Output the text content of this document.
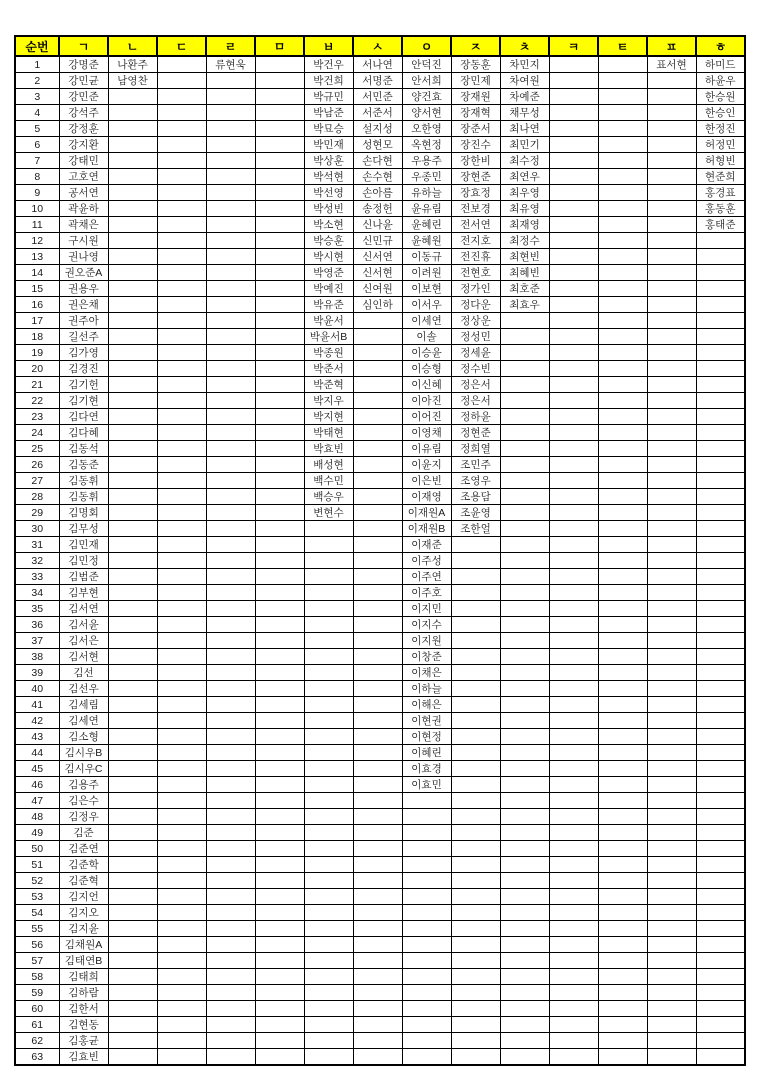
순번	ㄱ	ㄴ	ㄷ	ㄹ	ㅁ	ㅂ	ㅅ	ㅇ	ㅈ	ㅊ	ㅋ	ㅌ	ㅍ	ㅎ
1	강명준	나환주		류현욱		박건우	서나연	안덕진	장동훈	차민지			표서현	하미드
2	강민균	남영찬				박건희	서명준	안서희	장민제	차여원				하윤우
3	강민준					박규민	서민준	양건효	장재원	차예준				한승원
4	강석주					박남준	서준서	양서현	장재혁	채무성				한승인
5	강정훈					박묘승	설지성	오한영	장준서	최나연				한정진
6	강지환					박민재	성현모	옥현정	장진수	최민기				허정민
7	강태민					박상훈	손다현	우용주	장한비	최수정				허형빈
8	고호연					박석현	손수현	우종민	장현준	최연우				현준희
9	공서연					박선영	손아름	유하늘	장효정	최우영				홍경표
10	곽윤하					박성빈	송정헌	윤유림	전보경	최유영				홍동훈
11	곽채은					박소현	신나윤	윤혜린	전서연	최재영				홍태준
12	구시원					박승훈	신민규	윤혜원	전지호	최정수				
13	권나영					박시현	신서연	이동규	전진휴	최현빈				
14	권오준A					박영준	신서현	이려원	전현호	최혜빈				
15	권용우					박예진	신여원	이보현	정가인	최호준				
16	권은채					박유준	심인하	이서우	정다운	최효우				
17	권주아					박윤서		이세연	정상운					
18	길선주					박윤서B		이솔	정성민					
19	김가영					박종원		이승윤	정세윤					
20	김경진					박준서		이승형	정수빈					
21	김기헌					박준혁		이신혜	정은서					
22	김기현					박지우		이아진	정은서					
23	김다연					박지현		이어진	정하윤					
24	김다혜					박태현		이영채	정현준					
25	김동석					박효빈		이유림	정희열					
26	김동준					배성현		이윤지	조민주					
27	김동휘					백수민		이은빈	조영우					
28	김동휘					백승우		이재영	조용담					
29	김명회					변현수		이재원A	조윤영					
30	김무성							이재원B	조한얼					
31	김민재							이재준						
32	김민정							이주성						
33	김범준							이주연						
34	김부현							이주호						
35	김서연							이지민						
36	김서윤							이지수						
37	김서은							이지원						
38	김서현							이창준						
39	김선							이채은						
40	김선우							이하늘						
41	김세림							이해은						
42	김세연							이현권						
43	김소형							이현정						
44	김시우B							이혜린						
45	김시우C							이효경						
46	김용주							이효민						
47	김은수													
48	김정우													
49	김준													
50	김준연													
51	김준학													
52	김준혁													
53	김지언													
54	김지오													
55	김지윤													
56	김채원A													
57	김태연B													
58	김태희													
59	김하람													
60	김한서													
61	김현동													
62	김홍균													
63	김효빈													
